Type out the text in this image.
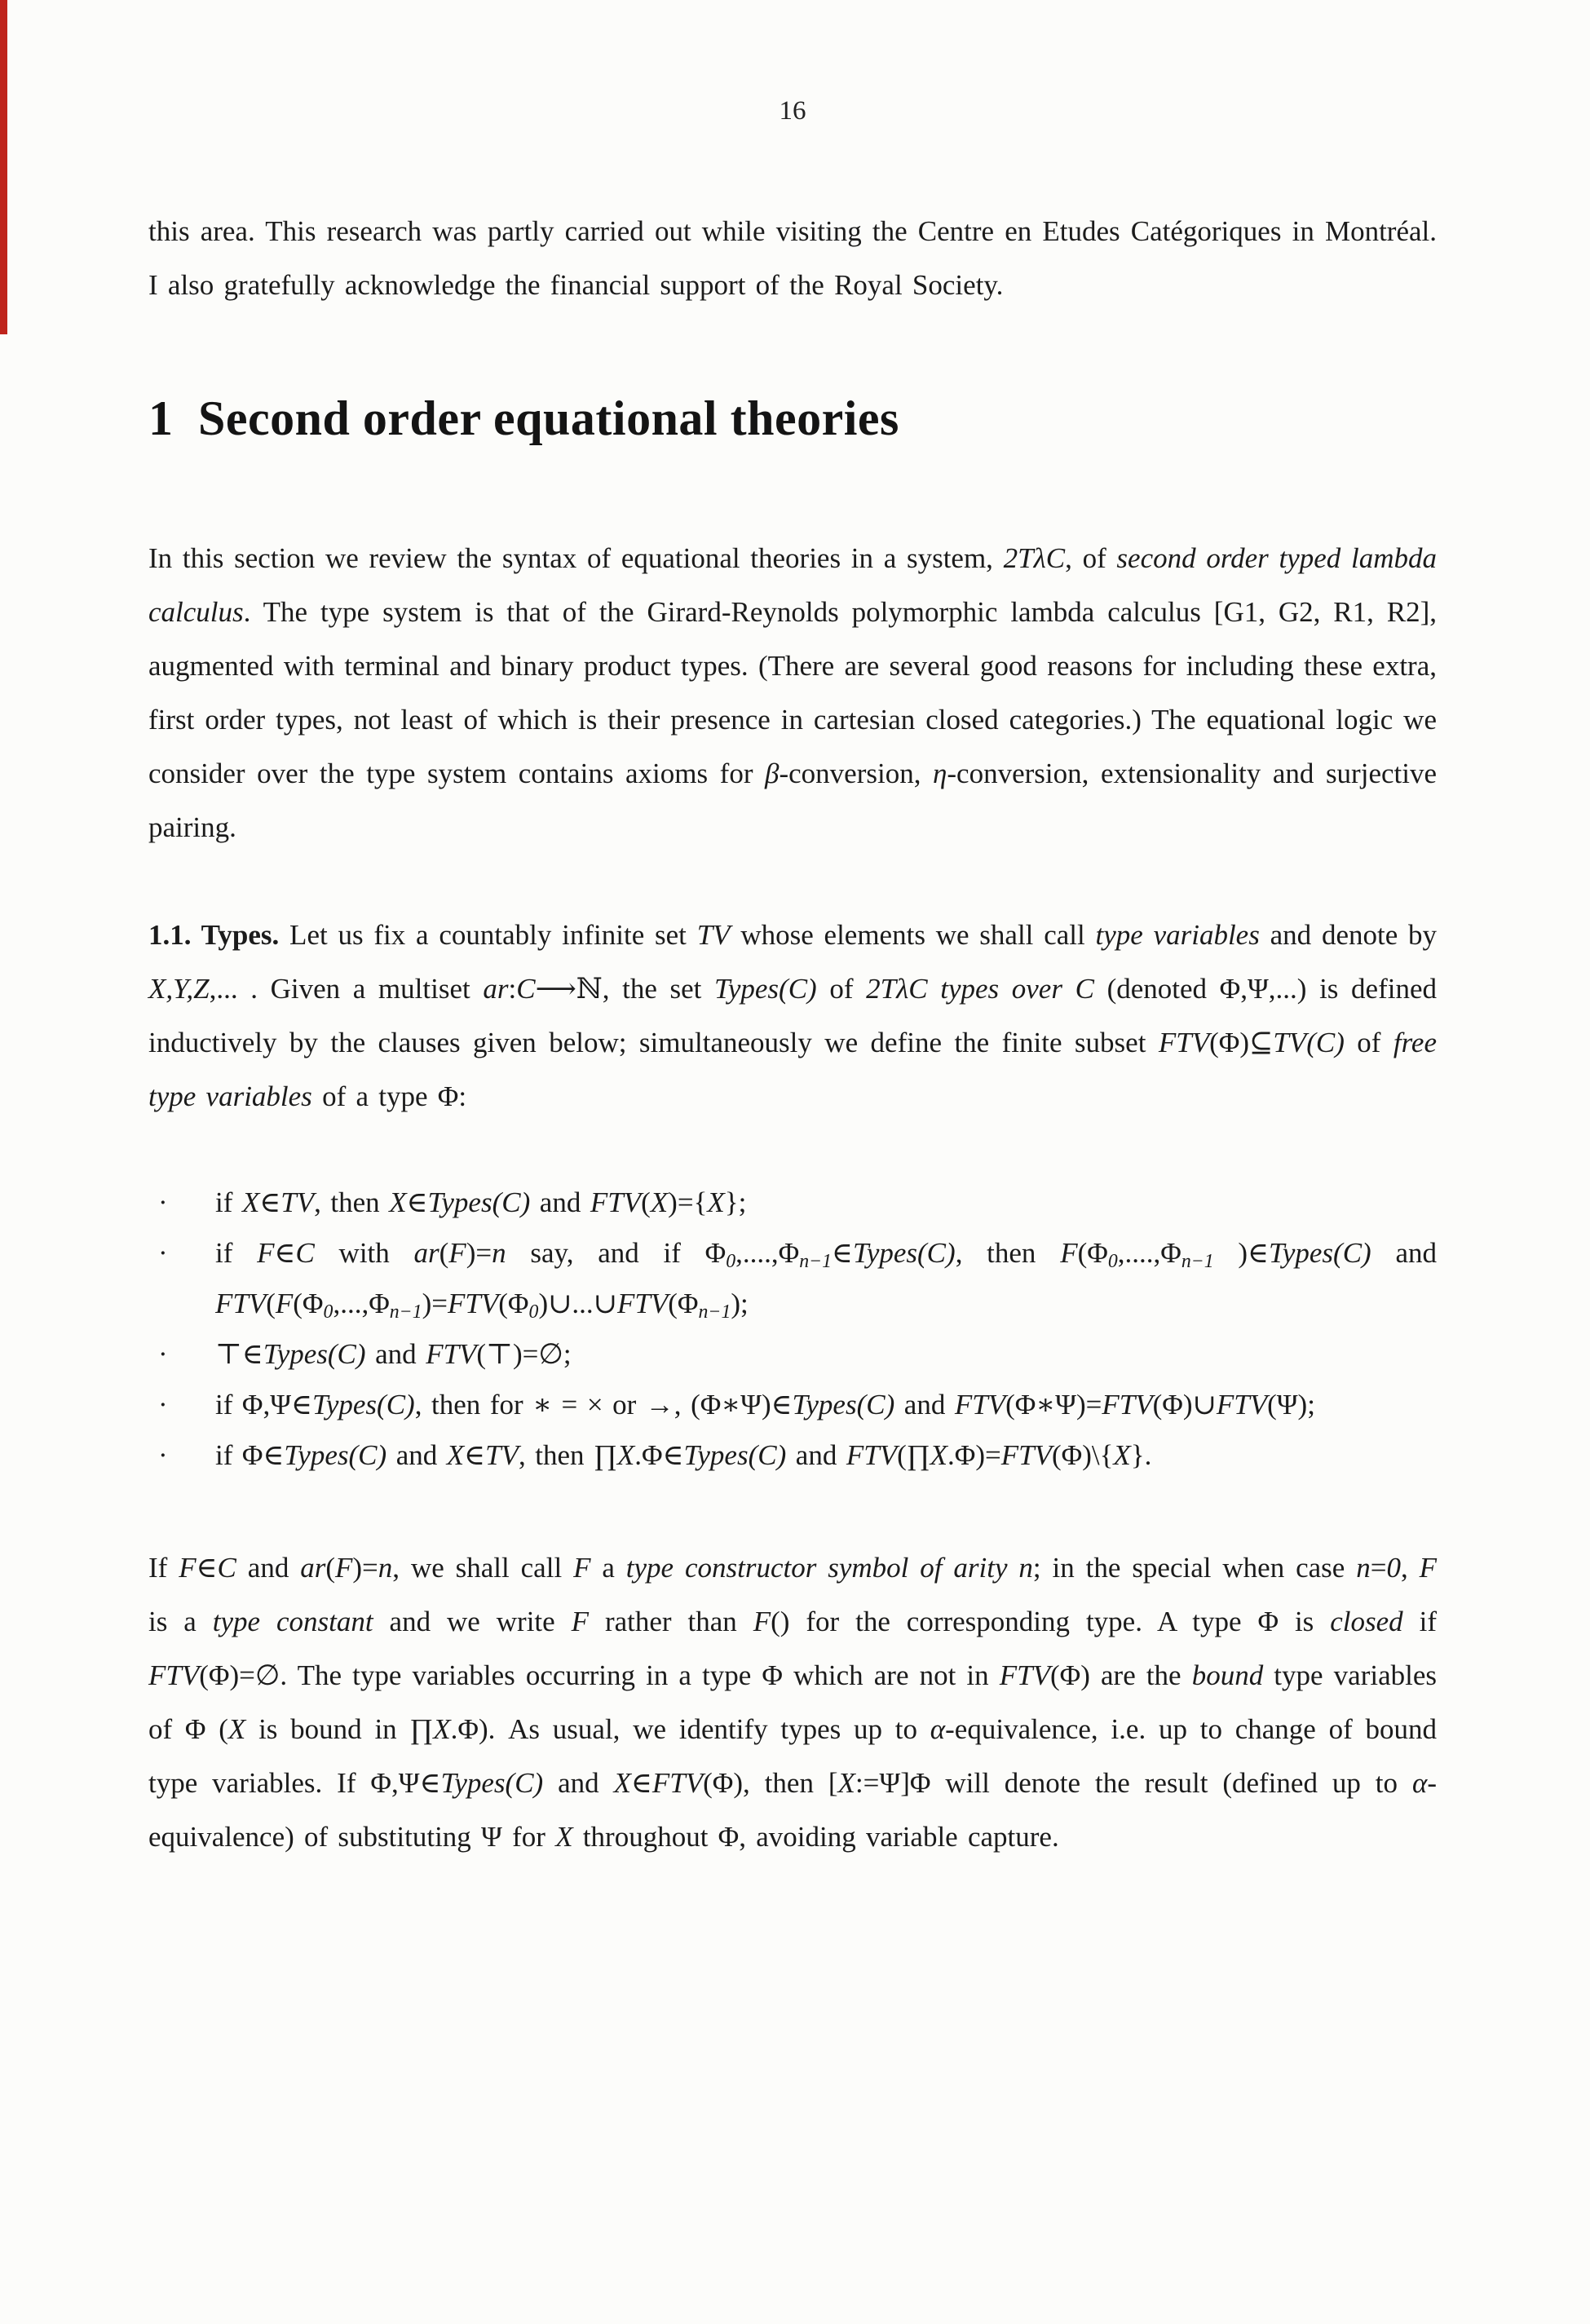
16

this area. This research was partly carried out while visiting the Centre en Etudes Catégoriques in Montréal. I also gratefully acknowledge the financial support of the Royal Society.

1 Second order equational theories

In this section we review the syntax of equational theories in a system, 2TλC, of second order typed lambda calculus. The type system is that of the Girard-Reynolds polymorphic lambda calculus [G1, G2, R1, R2], augmented with terminal and binary product types. (There are several good reasons for including these extra, first order types, not least of which is their presence in cartesian closed categories.) The equational logic we consider over the type system contains axioms for β-conversion, η-conversion, extensionality and surjective pairing.

1.1. Types. Let us fix a countably infinite set TV whose elements we shall call type variables and denote by X,Y,Z,... . Given a multiset ar:C⟶ℕ, the set Types(C) of 2TλC types over C (denoted Φ,Ψ,...) is defined inductively by the clauses given below; simultaneously we define the finite subset FTV(Φ)⊆TV(C) of free type variables of a type Φ:

·	if X∈TV, then X∈Types(C) and FTV(X)={X};
·	if F∈C with ar(F)=n say, and if $\Phi_0,....,\Phi_{n-1}\in Types(C)$, then $F(\Phi_0,....,\Phi_{n-1}$ )∈Types(C) and $FTV(F(\Phi_0,...,\Phi_{n-1})=FTV(\Phi_0)\cup...\cup FTV(\Phi_{n-1})$;
·	⊤∈Types(C) and FTV(⊤)=∅;
·	if Φ,Ψ∈Types(C), then for ∗ = × or →, (Φ∗Ψ)∈Types(C) and FTV(Φ∗Ψ)=FTV(Φ)∪FTV(Ψ);
·	if Φ∈Types(C) and X∈TV, then ∏X.Φ∈Types(C) and FTV(∏X.Φ)=FTV(Φ)\{X}.

If F∈C and ar(F)=n, we shall call F a type constructor symbol of arity n; in the special when case n=0, F is a type constant and we write F rather than F() for the corresponding type. A type Φ is closed if FTV(Φ)=∅. The type variables occurring in a type Φ which are not in FTV(Φ) are the bound type variables of Φ (X is bound in ∏X.Φ). As usual, we identify types up to α-equivalence, i.e. up to change of bound type variables. If Φ,Ψ∈Types(C) and X∈FTV(Φ), then [X:=Ψ]Φ will denote the result (defined up to α-equivalence) of substituting Ψ for X throughout Φ, avoiding variable capture.
